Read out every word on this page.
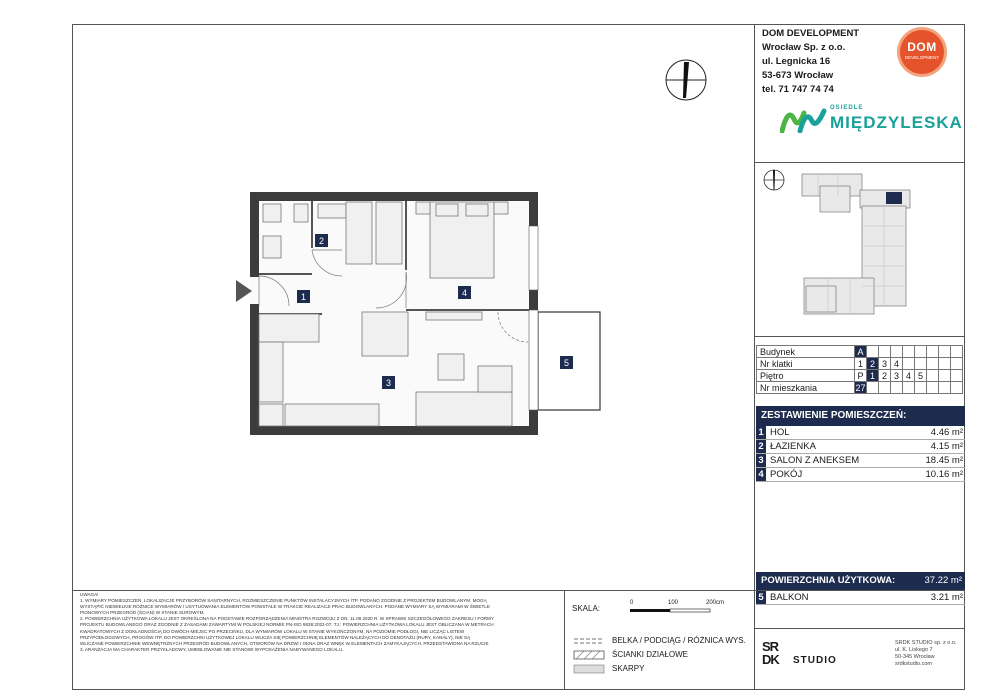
DOM DEVELOPMENT
Wrocław Sp. z o.o.
ul. Legnicka 16
53-673 Wrocław
tel. 71 747 74 74
DOM
DEVELOPMENT
OSIEDLE
MIĘDZYLESKA
2
1	4
3
5
Budynek	A								
Nr klatki	1	2	3	4					
Piętro	P	1	2	3	4	5			
Nr mieszkania	27								
ZESTAWIENIE POMIESZCZEŃ:
1 HOL	4.46 m²
2 ŁAZIENKA	4.15 m²
3 SALON Z ANEKSEM	18.45 m²
4 POKÓJ	10.16 m²
POWIERZCHNIA UŻYTKOWA:	37.22 m²
5 BALKON	3.21 m²
UWAGA!
1. WYMIARY POMIESZCZEŃ, LOKALIZACJE PRZYBORÓW SANITARNYCH, ROZMIESZCZENIE PUNKTÓW INSTALACYJNYCH ITP. PODANO ZGODNIE Z PROJEKTEM BUDOWLANYM. MOGĄ
WYSTĄPIĆ NIEWIELKIE RÓŻNICE WYMIARÓW I USYTUOWANIA ELEMENTÓW POWSTAŁE W TRAKCIE REALIZACJI PRAC BUDOWLANYCH. PODANE WYMIARY SĄ WYMIARAMI W ŚWIETLE
PIONOWYCH PRZEGRÓD (ŚCIAN) W STANIE SUROWYM.
2. POWIERZCHNIA UŻYTKOWA LOKALU JEST OKREŚLONA NA PODSTAWIE ROZPORZĄDZENIA MINISTRA ROZWOJU Z DN. 11.09.2020 R. W SPRAWIE SZCZEGÓŁOWEGO ZAKRESU I FORMY
PROJEKTU BUDOWLANEGO ORAZ ZGODNIE Z ZASADAMI ZAWARTYMI W POLSKIEJ NORMIE PN-ISO 9836:2022-07, TJ.: POWIERZCHNIA UŻYTKOWA LOKALU JEST OBLICZANA W METRACH
KWADRATOWYCH Z DOKŁADNOŚCIĄ DO DWÓCH MIEJSC PO PRZECINKU, DLA WYMIARÓW LOKALU W STANIE WYKOŃCZONYM, NA POZIOMIE PODŁOGI, NIE LICZĄC LISTEW
PRZYPODŁOGOWYCH, PROGÓW ITP. DO POWIERZCHNI UŻYTKOWEJ LOKALU WLICZA SIĘ POWIERZCHNIĘ ELEMENTÓW NALEŻĄCYCH DO DENOTAŻU (RURY, KANAŁY), NIE SĄ
WLICZANE POWIERZCHNIE WEWNĘTRZNYCH PRZEGRÓD BUDOWLANYCH, OTWORÓW NA DRZWI I OKNA ORAZ WNĘK W ELEMENTACH ZAMYKAJĄCYCH. PRZEDSTAWIONA NA RZUCIE
3. ARANŻACJA MA CHARAKTER PRZYKŁADOWY, UMEBLOWANIE NIE STANOWI WYPOSAŻENIA NABYWANEGO LOKALU.
SKALA:
0	100	200cm
BELKA / PODCIĄG / RÓŻNICA WYS.
ŚCIANKI DZIAŁOWE
SKARPY
SR DK	STUDIO
SRDK STUDIO sp. z o.o.
ul. K. Liskego 7
50-345 Wrocław
srdkstudio.com
